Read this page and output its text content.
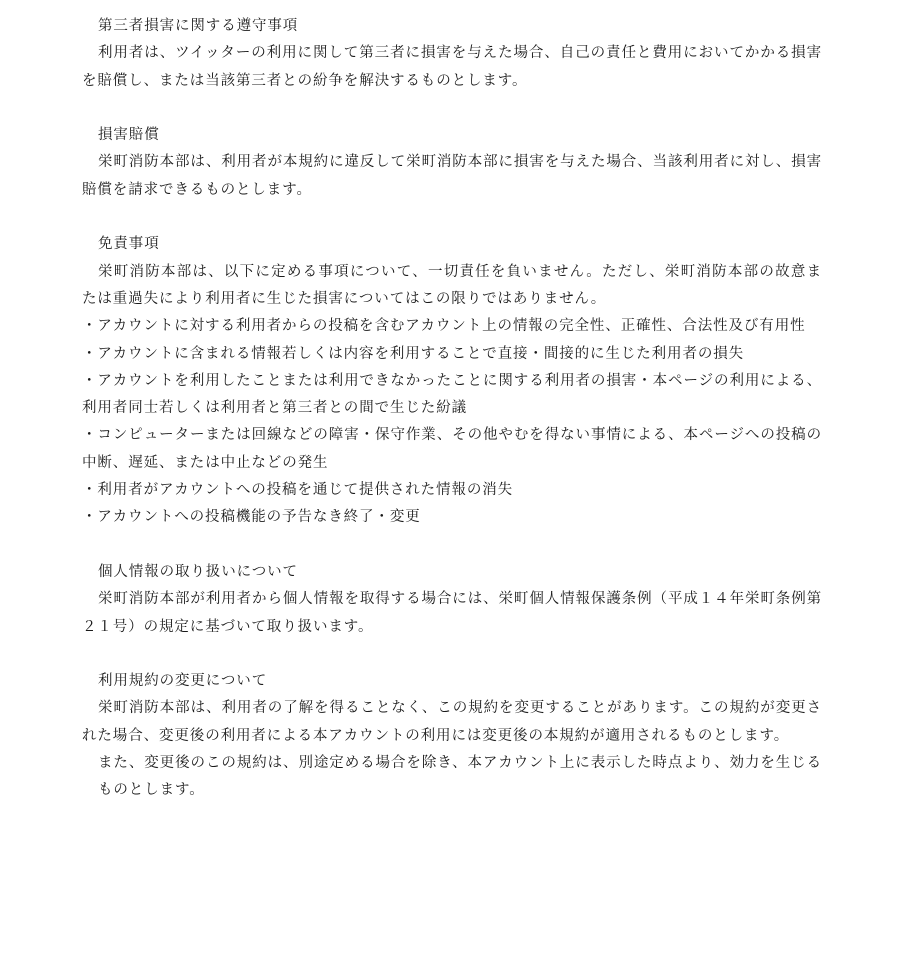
第三者損害に関する遵守事項

利用者は、ツイッターの利用に関して第三者に損害を与えた場合、自己の責任と費用においてかかる損害を賠償し、または当該第三者との紛争を解決するものとします。

損害賠償

栄町消防本部は、利用者が本規約に違反して栄町消防本部に損害を与えた場合、当該利用者に対し、損害賠償を請求できるものとします。

免責事項

栄町消防本部は、以下に定める事項について、一切責任を負いません。ただし、栄町消防本部の故意または重過失により利用者に生じた損害についてはこの限りではありません。

・アカウントに対する利用者からの投稿を含むアカウント上の情報の完全性、正確性、合法性及び有用性

・アカウントに含まれる情報若しくは内容を利用することで直接・間接的に生じた利用者の損失

・アカウントを利用したことまたは利用できなかったことに関する利用者の損害・本ページの利用による、利用者同士若しくは利用者と第三者との間で生じた紛議

・コンピューターまたは回線などの障害・保守作業、その他やむを得ない事情による、本ページへの投稿の中断、遅延、または中止などの発生

・利用者がアカウントへの投稿を通じて提供された情報の消失

・アカウントへの投稿機能の予告なき終了・変更

個人情報の取り扱いについて

栄町消防本部が利用者から個人情報を取得する場合には、栄町個人情報保護条例（平成１４年栄町条例第２１号）の規定に基づいて取り扱います。

利用規約の変更について

栄町消防本部は、利用者の了解を得ることなく、この規約を変更することがあります。この規約が変更された場合、変更後の利用者による本アカウントの利用には変更後の本規約が適用されるものとします。

また、変更後のこの規約は、別途定める場合を除き、本アカウント上に表示した時点より、効力を生じるものとします。
